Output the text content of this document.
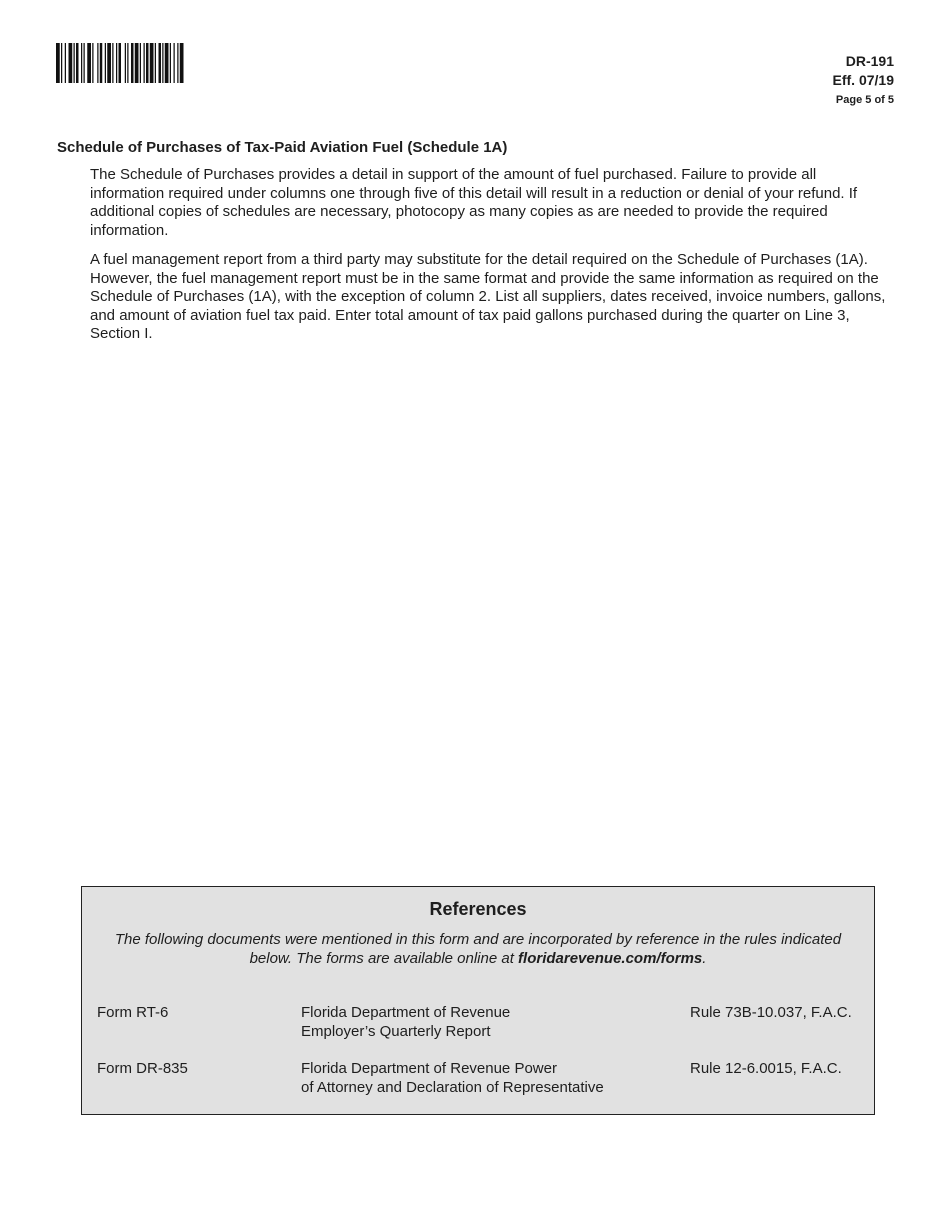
DR-191
Eff. 07/19
Page 5 of 5
Schedule of Purchases of Tax-Paid Aviation Fuel (Schedule 1A)
The Schedule of Purchases provides a detail in support of the amount of fuel purchased. Failure to provide all information required under columns one through five of this detail will result in a reduction or denial of your refund. If additional copies of schedules are necessary, photocopy as many copies as are needed to provide the required information.
A fuel management report from a third party may substitute for the detail required on the Schedule of Purchases (1A). However, the fuel management report must be in the same format and provide the same information as required on the Schedule of Purchases (1A), with the exception of column 2. List all suppliers, dates received, invoice numbers, gallons, and amount of aviation fuel tax paid. Enter total amount of tax paid gallons purchased during the quarter on Line 3, Section I.
References
The following documents were mentioned in this form and are incorporated by reference in the rules indicated below. The forms are available online at floridarevenue.com/forms.
Form RT-6	Florida Department of Revenue
Employer’s Quarterly Report
Rule 73B-10.037, F.A.C.
Form DR-835	Florida Department of Revenue Power
of Attorney and Declaration of Representative
Rule 12-6.0015, F.A.C.
